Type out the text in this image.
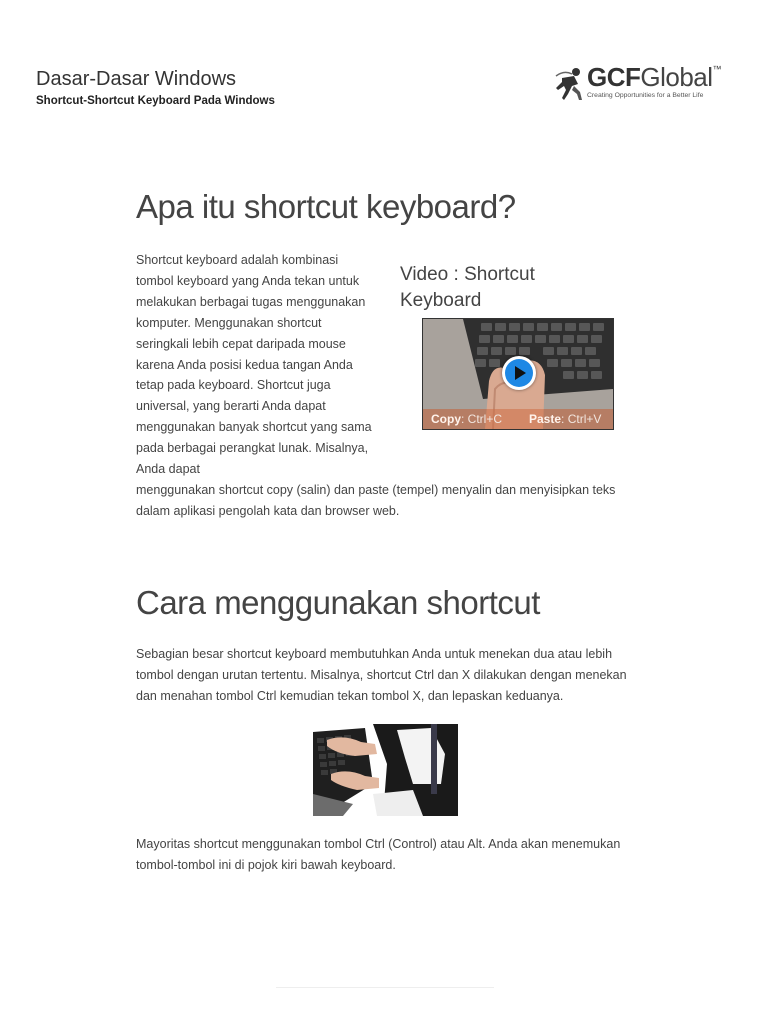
Dasar-Dasar Windows
Shortcut-Shortcut Keyboard Pada Windows
GCFGlobal™
Creating Opportunities for a Better Life
Apa itu shortcut keyboard?
Shortcut keyboard adalah kombinasi tombol keyboard yang Anda tekan untuk melakukan berbagai tugas menggunakan komputer. Menggunakan shortcut seringkali lebih cepat daripada mouse karena Anda posisi kedua tangan Anda tetap pada keyboard. Shortcut juga universal, yang berarti Anda dapat menggunakan banyak shortcut yang sama pada berbagai perangkat lunak. Misalnya, Anda dapat
menggunakan shortcut copy (salin) dan paste (tempel) menyalin dan menyisipkan teks dalam aplikasi pengolah kata dan browser web.
Video : Shortcut Keyboard
Copy: Ctrl+C Paste: Ctrl+V
Cara menggunakan shortcut
Sebagian besar shortcut keyboard membutuhkan Anda untuk menekan dua atau lebih tombol dengan urutan tertentu. Misalnya, shortcut Ctrl dan X dilakukan dengan menekan dan menahan tombol Ctrl kemudian tekan tombol X, dan lepaskan keduanya.
Mayoritas shortcut menggunakan tombol Ctrl (Control) atau Alt. Anda akan menemukan tombol-tombol ini di pojok kiri bawah keyboard.
